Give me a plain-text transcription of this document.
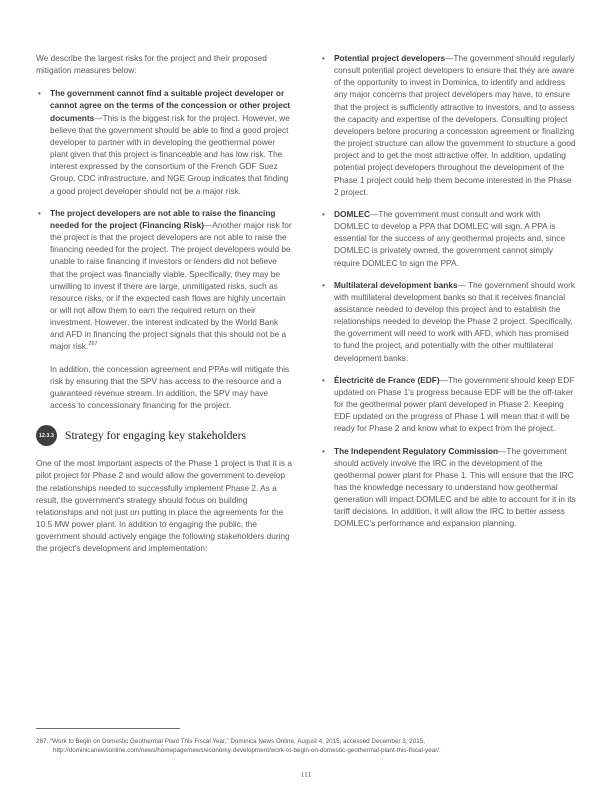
We describe the largest risks for the project and their proposed mitigation measures below:

• The government cannot find a suitable project developer or cannot agree on the terms of the concession or other project documents—This is the biggest risk for the project. However, we believe that the government should be able to find a good project developer to partner with in developing the geothermal power plant given that this project is financeable and has low risk. The interest expressed by the consortium of the French GDF Suez Group, CDC infrastructure, and NGE Group indicates that finding a good project developer should not be a major risk.
• The project developers are not able to raise the financing needed for the project (Financing Risk)—Another major risk for the project is that the project developers are not able to raise the financing needed for the project. The project developers would be unable to raise financing if investors or lenders did not believe that the project was financially viable. Specifically, they may be unwilling to invest if there are large, unmitigated risks, such as resource risks, or if the expected cash flows are highly uncertain or will not allow them to earn the required return on their investment. However, the interest indicated by the World Bank and AFD in financing the project signals that this should not be a major risk.$^{267}$

In addition, the concession agreement and PPAs will mitigate this risk by ensuring that the SPV has access to the resource and a guaranteed revenue stream. In addition, the SPV may have access to concessionary financing for the project.

12.3.3 Strategy for engaging key stakeholders

One of the most important aspects of the Phase 1 project is that it is a pilot project for Phase 2 and would allow the government to develop the relationships needed to successfully implement Phase 2. As a result, the government's strategy should focus on building relationships and not just on putting in place the agreements for the 10.5 MW power plant. In addition to engaging the public, the government should actively engage the following stakeholders during the project's development and implementation:

• Potential project developers—The government should regularly consult potential project developers to ensure that they are aware of the opportunity to invest in Dominica, to identify and address any major concerns that project developers may have, to ensure that the project is sufficiently attractive to investors, and to assess the capacity and expertise of the developers. Consulting project developers before procuring a concession agreement or finalizing the project structure can allow the government to structure a good project and to get the most attractive offer. In addition, updating potential project developers throughout the development of the Phase 1 project could help them become interested in the Phase 2 project.
• DOMLEC—The government must consult and work with DOMLEC to develop a PPA that DOMLEC will sign. A PPA is essential for the success of any geothermal projects and, since DOMLEC is privately owned, the government cannot simply require DOMLEC to sign the PPA.
• Multilateral development banks— The government should work with multilateral development banks so that it receives financial assistance needed to develop this project and to establish the relationships needed to develop the Phase 2 project. Specifically, the government will need to work with AFD, which has promised to fund the project, and potentially with the other multilateral development banks.
• Électricité de France (EDF)—The government should keep EDF updated on Phase 1's progress because EDF will be the off-taker for the geothermal power plant developed in Phase 2. Keeping EDF updated on the progress of Phase 1 will mean that it will be ready for Phase 2 and know what to expect from the project.
• The Independent Regulatory Commission—The government should actively involve the IRC in the development of the geothermal power plant for Phase 1. This will ensure that the IRC has the knowledge necessary to understand how geothermal generation will impact DOMLEC and be able to account for it in its tariff decisions. In addition, it will allow the IRC to better assess DOMLEC's performance and expansion planning.

267. “Work to Begin on Domestic Geothermal Plant This Fiscal Year,” Dominica News Online, August 4, 2015, accessed December 3, 2015, http://dominicanewsonline.com/news/homepage/news/economy-development/work-to-begin-on-domestic-geothermal-plant-this-fiscal-year/.

111
